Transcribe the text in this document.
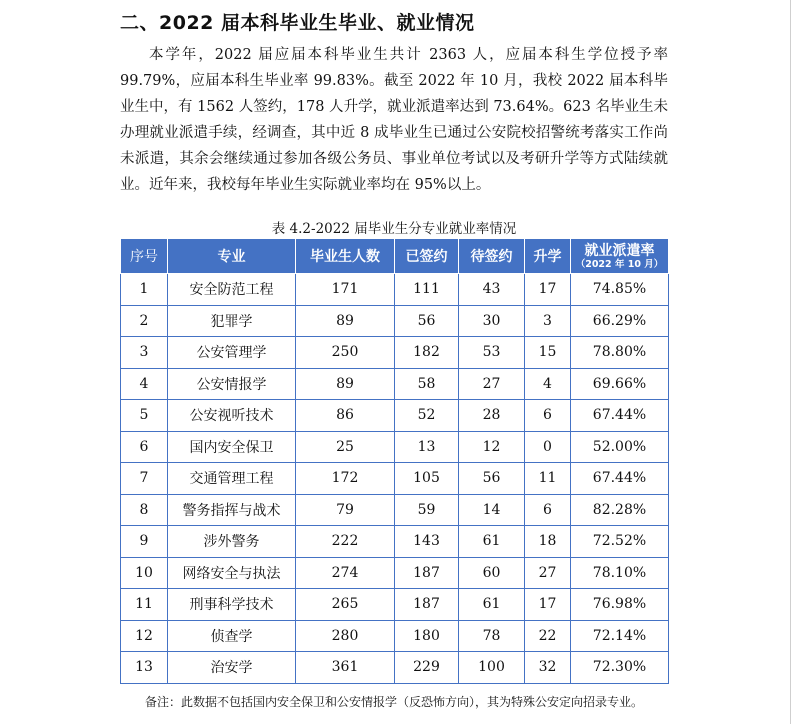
二、2022 届本科毕业生毕业、就业情况
本学年，2022 届应届本科毕业生共计 2363 人，应届本科生学位授予率 99.79%，应届本科生毕业率 99.83%。截至 2022 年 10 月，我校 2022 届本科毕业生中，有 1562 人签约，178 人升学，就业派遣率达到 73.64%。623 名毕业生未办理就业派遣手续，经调查，其中近 8 成毕业生已通过公安院校招警统考落实工作尚未派遣，其余会继续通过参加各级公务员、事业单位考试以及考研升学等方式陆续就业。近年来，我校每年毕业生实际就业率均在 95%以上。
表 4.2-2022 届毕业生分专业就业率情况
序号	专业	毕业生人数	已签约	待签约	升学	就业派遣率
（2022 年 10 月）

1	安全防范工程	171	111	43	17	74.85%
2	犯罪学	89	56	30	3	66.29%
3	公安管理学	250	182	53	15	78.80%
4	公安情报学	89	58	27	4	69.66%
5	公安视听技术	86	52	28	6	67.44%
6	国内安全保卫	25	13	12	0	52.00%
7	交通管理工程	172	105	56	11	67.44%
8	警务指挥与战术	79	59	14	6	82.28%
9	涉外警务	222	143	61	18	72.52%
10	网络安全与执法	274	187	60	27	78.10%
11	刑事科学技术	265	187	61	17	76.98%
12	侦查学	280	180	78	22	72.14%
13	治安学	361	229	100	32	72.30%
备注：此数据不包括国内安全保卫和公安情报学（反恐怖方向），其为特殊公安定向招录专业。
